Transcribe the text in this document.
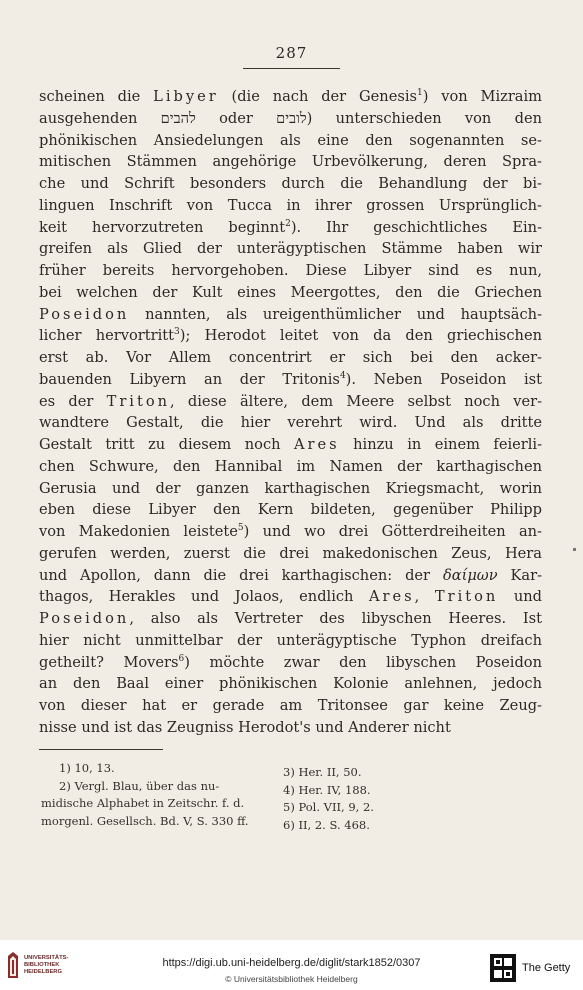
287
scheinen die Libyer (die nach der Genesis$^1$) von Mizraim
ausgehenden להבים oder לובים) unterschieden von den
phönikischen Ansiedelungen als eine den sogenannten se-
mitischen Stämmen angehörige Urbevölkerung, deren Spra-
che und Schrift besonders durch die Behandlung der bi-
linguen Inschrift von Tucca in ihrer grossen Ursprünglich-
keit hervorzutreten beginnt$^2$). Ihr geschichtliches Ein-
greifen als Glied der unterägyptischen Stämme haben wir
früher bereits hervorgehoben. Diese Libyer sind es nun,
bei welchen der Kult eines Meergottes, den die Griechen
Poseidon nannten, als ureigenthümlicher und hauptsäch-
licher hervortritt$^3$); Herodot leitet von da den griechischen
erst ab. Vor Allem concentrirt er sich bei den acker-
bauenden Libyern an der Tritonis$^4$). Neben Poseidon ist
es der Triton, diese ältere, dem Meere selbst noch ver-
wandtere Gestalt, die hier verehrt wird. Und als dritte
Gestalt tritt zu diesem noch Ares hinzu in einem feierli-
chen Schwure, den Hannibal im Namen der karthagischen
Gerusia und der ganzen karthagischen Kriegsmacht, worin
eben diese Libyer den Kern bildeten, gegenüber Philipp
von Makedonien leistete$^5$) und wo drei Götterdreiheiten an-
gerufen werden, zuerst die drei makedonischen Zeus, Hera
und Apollon, dann die drei karthagischen: der δαίμων Kar-
thagos, Herakles und Jolaos, endlich Ares, Triton und
Poseidon, also als Vertreter des libyschen Heeres. Ist
hier nicht unmittelbar der unterägyptische Typhon dreifach
getheilt? Movers$^6$) möchte zwar den libyschen Poseidon
an den Baal einer phönikischen Kolonie anlehnen, jedoch
von dieser hat er gerade am Tritonsee gar keine Zeug-
nisse und ist das Zeugniss Herodot's und Anderer nicht
1) 10, 13.
2) Vergl. Blau, über das nu-
midische Alphabet in Zeitschr. f. d.
morgenl. Gesellsch. Bd. V, S. 330 ff.
3) Her. II, 50.
4) Her. IV, 188.
5) Pol. VII, 9, 2.
6) II, 2. S. 468.
UNIVERSITÄTS-
BIBLIOTHEK
HEIDELBERG
https://digi.ub.uni-heidelberg.de/diglit/stark1852/0307
© Universitätsbibliothek Heidelberg
The Getty
